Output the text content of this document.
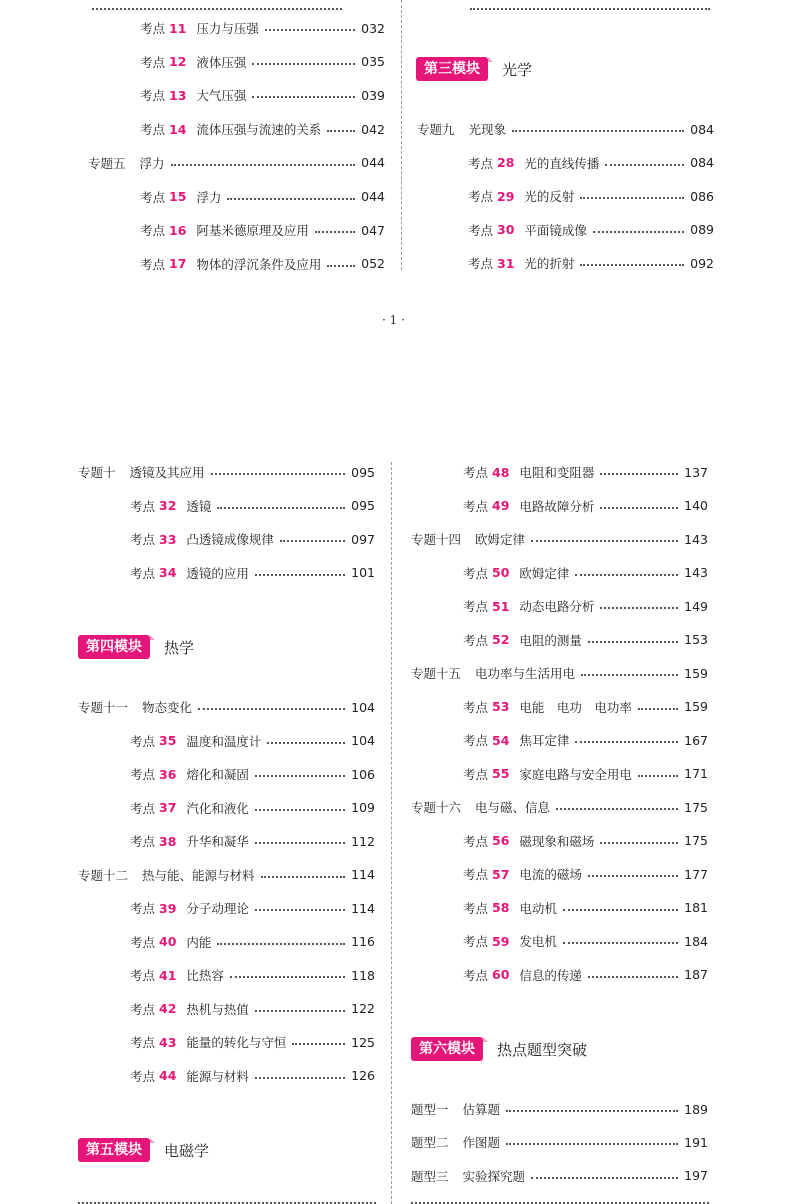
考点 11 压力与压强	032
考点 12 液体压强	035
考点 13 大气压强	039
考点 14 流体压强与流速的关系	042
专题五 浮力	044
考点 15 浮力	044
考点 16 阿基米德原理及应用	047
考点 17 物体的浮沉条件及应用	052
第三模块	光学
专题九 光现象	084
考点 28 光的直线传播	084
考点 29 光的反射	086
考点 30 平面镜成像	089
考点 31 光的折射	092
· 1 ·
专题十 透镜及其应用	095
考点 32 透镜	095
考点 33 凸透镜成像规律	097
考点 34 透镜的应用	101
第四模块	热学
专题十一 物态变化	104
考点 35 温度和温度计	104
考点 36 熔化和凝固	106
考点 37 汽化和液化	109
考点 38 升华和凝华	112
专题十二 热与能、能源与材料	114
考点 39 分子动理论	114
考点 40 内能	116
考点 41 比热容	118
考点 42 热机与热值	122
考点 43 能量的转化与守恒	125
考点 44 能源与材料	126
第五模块	电磁学
考点 48 电阻和变阻器	137
考点 49 电路故障分析	140
专题十四 欧姆定律	143
考点 50 欧姆定律	143
考点 51 动态电路分析	149
考点 52 电阻的测量	153
专题十五 电功率与生活用电	159
考点 53 电能　电功　电功率	159
考点 54 焦耳定律	167
考点 55 家庭电路与安全用电	171
专题十六 电与磁、信息	175
考点 56 磁现象和磁场	175
考点 57 电流的磁场	177
考点 58 电动机	181
考点 59 发电机	184
考点 60 信息的传递	187
第六模块	热点题型突破
题型一 估算题	189
题型二 作图题	191
题型三 实验探究题	197
